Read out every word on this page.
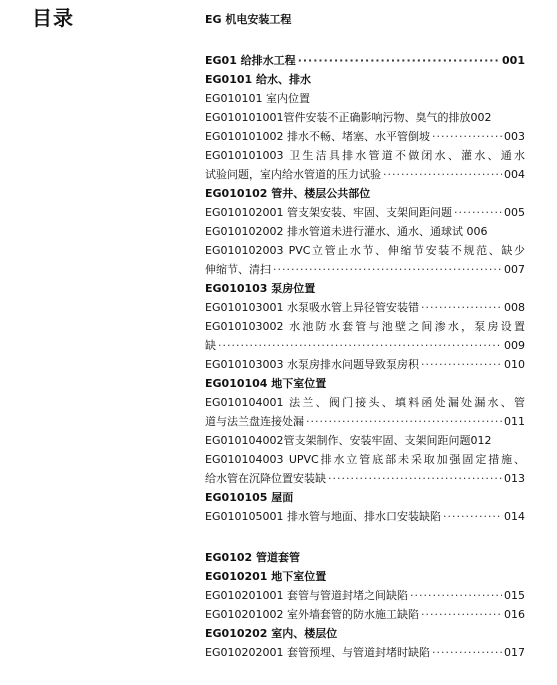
目录	EG 机电安装工程
EG01 给排水工程 ·····	001
EG0101 给水、排水
EG010101 室内位置
EG010101001管件安装不正确影响污物、臭气的排放002
EG010101002 排水不畅、堵塞、水平管倒坡 ·····	003
EG010101003 卫生洁具排水管道不做闭水、灌水、通水
试验问题，室内给水管道的压力试验 ·····	004
EG010102 管井、楼层公共部位
EG010102001 管支架安装、牢固、支架间距问题 ·····	005
EG010102002 排水管道未进行灌水、通水、通球试 006
EG010102003 PVC立管止水节、伸缩节安装不规范、缺少
伸缩节、清扫 ·····	007
EG010103 泵房位置
EG010103001 水泵吸水管上异径管安装错 ·····	008
EG010103002 水池防水套管与池壁之间渗水，泵房设置
缺 ·····	009
EG010103003 水泵房排水问题导致泵房积 ·····	010
EG010104 地下室位置
EG010104001 法兰、阀门接头、填料函处漏处漏水、管
道与法兰盘连接处漏 ·····	011
EG010104002管支架制作、安装牢固、支架间距问题012
EG010104003 UPVC排水立管底部未采取加强固定措施、
给水管在沉降位置安装缺 ·····	013
EG010105 屋面
EG010105001 排水管与地面、排水口安装缺陷 ·····	014
EG0102 管道套管
EG010201 地下室位置
EG010201001 套管与管道封堵之间缺陷 ·····	015
EG010201002 室外墙套管的防水施工缺陷 ·····	016
EG010202 室内、楼层位
EG010202001 套管预埋、与管道封堵时缺陷 ·····	017
